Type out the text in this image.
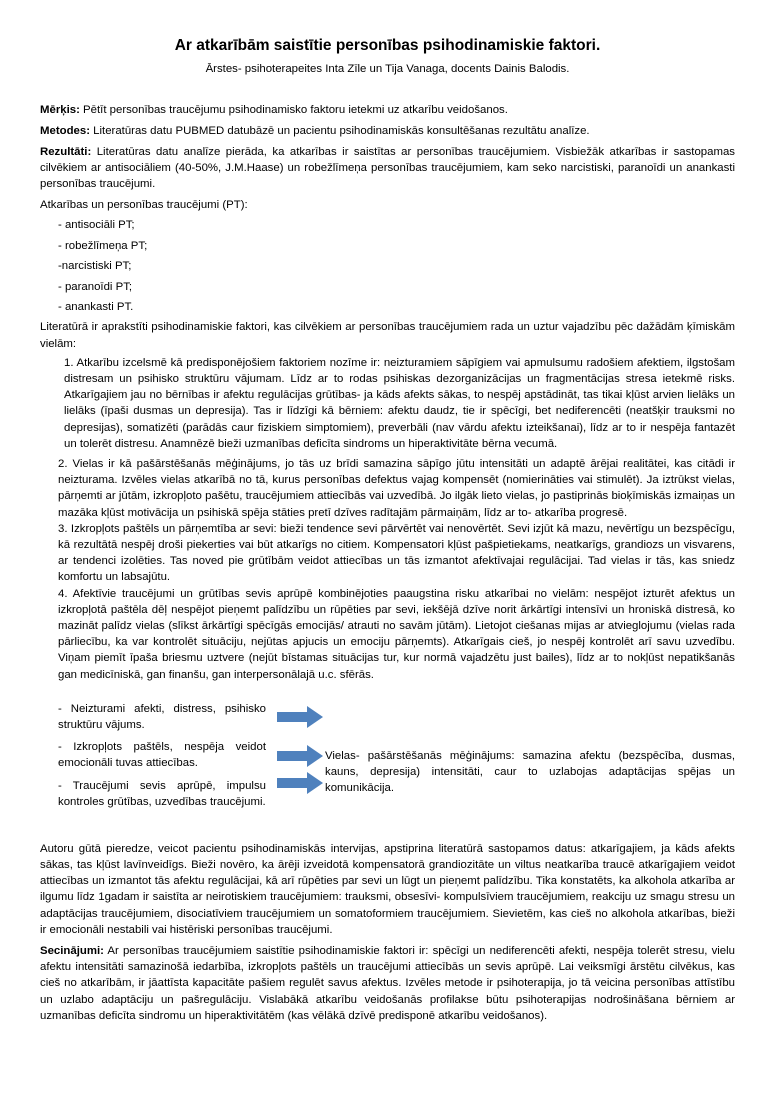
Ar atkarībām saistītie personības psihodinamiskie faktori.
Ārstes- psihoterapeites Inta Zīle un Tija Vanaga, docents Dainis Balodis.

Mērķis: Pētīt personības traucējumu psihodinamisko faktoru ietekmi uz atkarību veidošanos.

Metodes: Literatūras datu PUBMED datubāzē un pacientu psihodinamiskās konsultēšanas rezultātu analīze.

Rezultāti: Literatūras datu analīze pierāda, ka atkarības ir saistītas ar personības traucējumiem. Visbiežāk atkarības ir sastopamas cilvēkiem ar antisociāliem (40-50%, J.M.Haase) un robežlīmeņa personības traucējumiem, kam seko narcistiski, paranoīdi un anankasti personības traucējumi.

Atkarības un personības traucējumi (PT):

- antisociāli PT;
- robežlīmeņa PT;
-narcistiski PT;
- paranoīdi PT;
- anankasti PT.

Literatūrā ir aprakstīti psihodinamiskie faktori, kas cilvēkiem ar personības traucējumiem rada un uztur vajadzību pēc dažādām ķīmiskām vielām:

1. Atkarību izcelsmē kā predisponējošiem faktoriem nozīme ir: neizturamiem sāpīgiem vai apmulsumu radošiem afektiem, ilgstošam distresam un psihisko struktūru vājumam. Līdz ar to rodas psihiskas dezorganizācijas un fragmentācijas stresa ietekmē risks. Atkarīgajiem jau no bērnības ir afektu regulācijas grūtības- ja kāds afekts sākas, to nespēj apstādināt, tas tikai kļūst arvien lielāks un lielāks (īpaši dusmas un depresija). Tas ir līdzīgi kā bērniem: afektu daudz, tie ir spēcīgi, bet nediferencēti (neatšķir trauksmi no depresijas), somatizēti (parādās caur fiziskiem simptomiem), preverbāli (nav vārdu afektu izteikšanai), līdz ar to ir nespēja fantazēt un tolerēt distresu. Anamnēzē bieži uzmanības deficīta sindroms un hiperaktivitāte bērna vecumā.

2. Vielas ir kā pašārstēšanās mēģinājums, jo tās uz brīdi samazina sāpīgo jūtu intensitāti un adaptē ārējai realitātei, kas citādi ir neizturama. Izvēles vielas atkarībā no tā, kurus personības defektus vajag kompensēt (nomierināties vai stimulēt). Ja iztrūkst vielas, pārņemti ar jūtām, izkropļoto pašētu, traucējumiem attiecībās vai uzvedībā. Jo ilgāk lieto vielas, jo pastiprinās bioķīmiskās izmaiņas un mazāka kļūst motivācija un psihiskā spēja stāties pretī dzīves radītajām pārmaiņām, līdz ar to- atkarība progresē.

3. Izkropļots paštēls un pārņemtība ar sevi: bieži tendence sevi pārvērtēt vai nenovērtēt. Sevi izjūt kā mazu, nevērtīgu un bezspēcīgu, kā rezultātā nespēj droši piekerties vai būt atkarīgs no citiem. Kompensatori kļūst pašpietiekams, neatkarīgs, grandiozs un visvarens, ar tendenci izolēties. Tas noved pie grūtībām veidot attiecības un tās izmantot afektīvajai regulācijai. Tad vielas ir tās, kas sniedz komfortu un labsajūtu.

4. Afektīvie traucējumi un grūtības sevis aprūpē kombinējoties paaugstina risku atkarībai no vielām: nespējot izturēt afektus un izkropļotā paštēla dēļ nespējot pieņemt palīdzību un rūpēties par sevi, iekšējā dzīve norit ārkārtīgi intensīvi un hroniskā distresā, ko mazināt palīdz vielas (slīkst ārkārtīgi spēcīgās emocijās/ atrauti no savām jūtām). Lietojot ciešanas mijas ar atvieglojumu (vielas rada pārliecību, ka var kontrolēt situāciju, nejūtas apjucis un emociju pārņemts). Atkarīgais cieš, jo nespēj kontrolēt arī savu uzvedību. Viņam piemīt īpaša briesmu uztvere (nejūt bīstamas situācijas tur, kur normā vajadzētu just bailes), līdz ar to nokļūst nepatikšanās gan medicīniskā, gan finanšu, gan interpersonālajā u.c. sfērās.

- Neizturami afekti, distress, psihisko struktūru vājums.
- Izkropļots paštēls, nespēja veidot emocionāli tuvas attiecības.
- Traucējumi sevis aprūpē, impulsu kontroles grūtības, uzvedības traucējumi.
Vielas- pašārstēšanās mēģinājums: samazina afektu (bezspēcība, dusmas, kauns, depresija) intensitāti, caur to uzlabojas adaptācijas spējas un komunikācija.

Autoru gūtā pieredze, veicot pacientu psihodinamiskās intervijas, apstiprina literatūrā sastopamos datus: atkarīgajiem, ja kāds afekts sākas, tas kļūst lavīnveidīgs. Bieži novēro, ka ārēji izveidotā kompensatorā grandiozitāte un viltus neatkarība traucē atkarīgajiem veidot attiecības un izmantot tās afektu regulācijai, kā arī rūpēties par sevi un lūgt un pieņemt palīdzību. Tika konstatēts, ka alkohola atkarība ar ilgumu līdz 1gadam ir saistīta ar neirotiskiem traucējumiem: trauksmi, obsesīvi- kompulsīviem traucējumiem, reakciju uz smagu stresu un adaptācijas traucējumiem, disociatīviem traucējumiem un somatoformiem traucējumiem. Sievietēm, kas cieš no alkohola atkarības, bieži ir emocionāli nestabili vai histēriski personības traucējumi.

Secinājumi: Ar personības traucējumiem saistītie psihodinamiskie faktori ir: spēcīgi un nediferencēti afekti, nespēja tolerēt stresu, vielu afektu intensitāti samazinošā iedarbība, izkropļots paštēls un traucējumi attiecībās un sevis aprūpē. Lai veiksmīgi ārstētu cilvēkus, kas cieš no atkarībām, ir jāattīsta kapacitāte pašiem regulēt savus afektus. Izvēles metode ir psihoterapija, jo tā veicina personības attīstību un uzlabo adaptāciju un pašregulāciju. Vislabākā atkarību veidošanās profilakse būtu psihoterapijas nodrošināšana bērniem ar uzmanības deficīta sindromu un hiperaktivitātēm (kas vēlākā dzīvē predisponē atkarību veidošanos).
